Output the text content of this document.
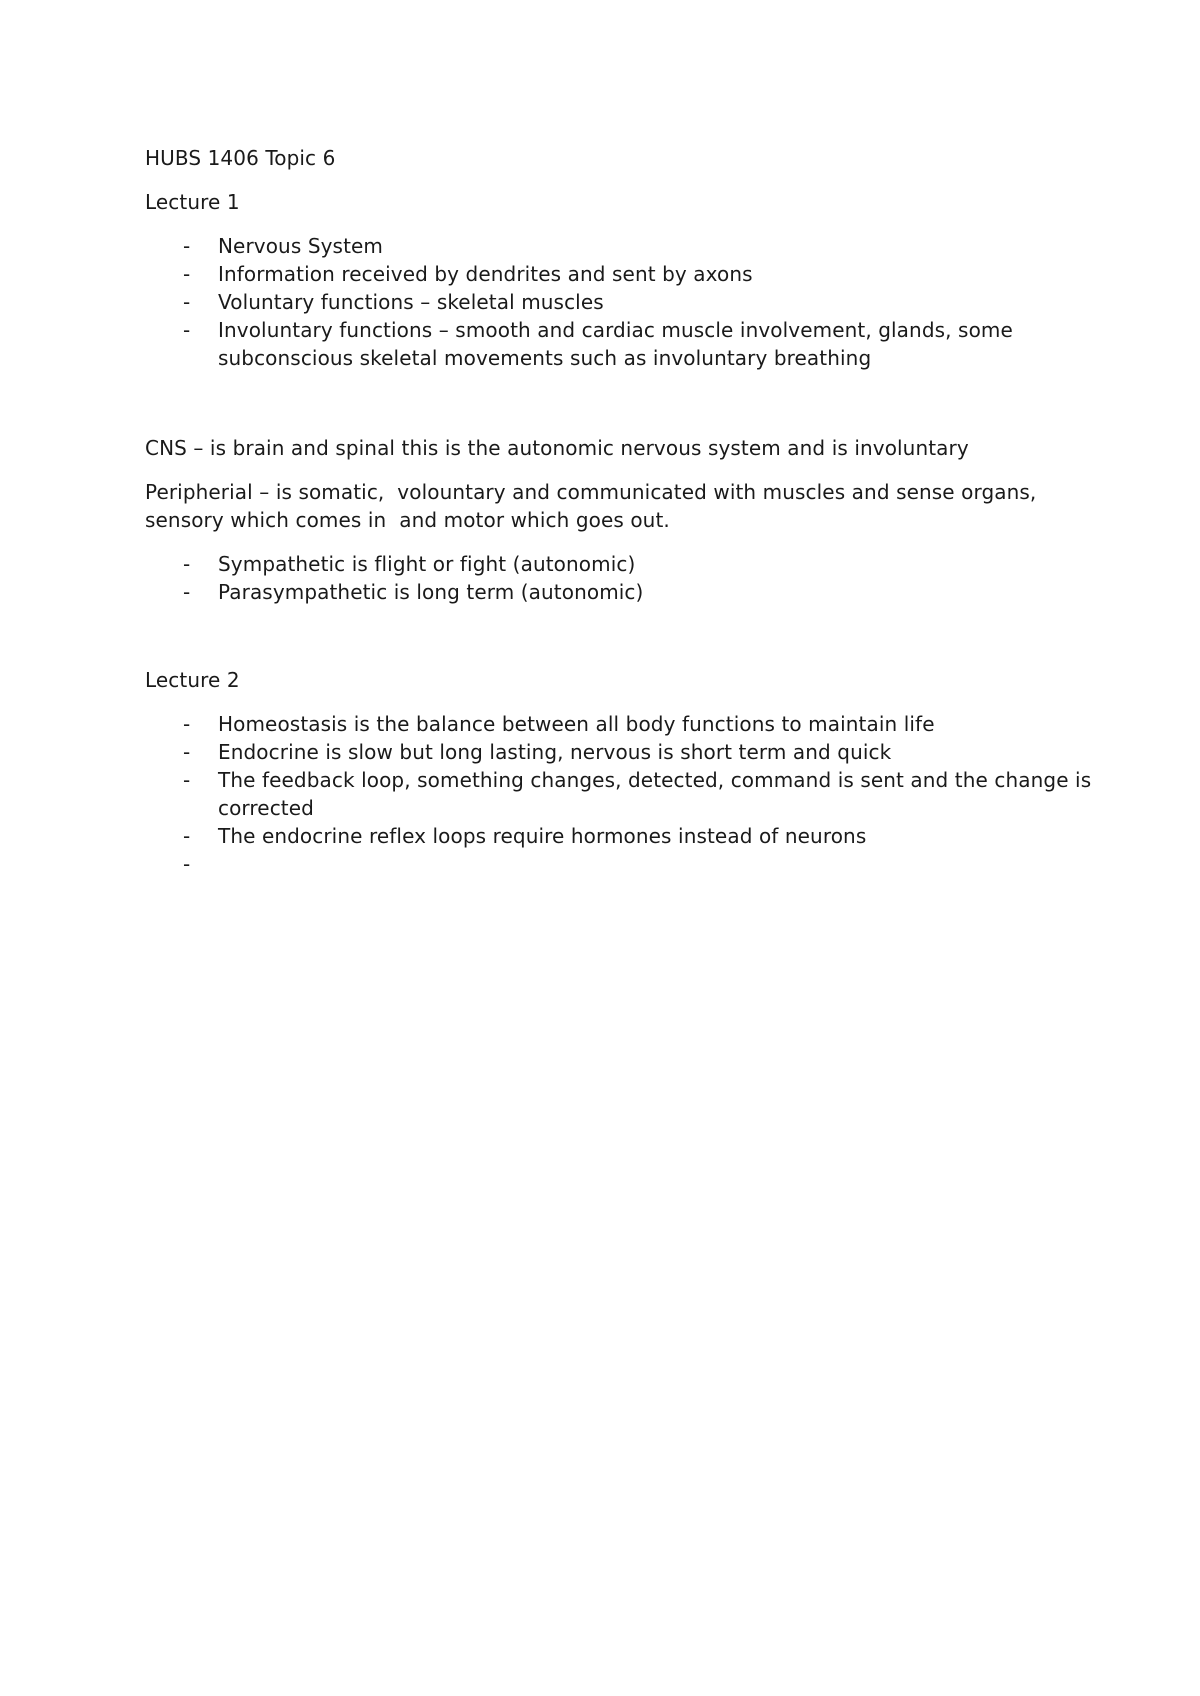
HUBS 1406 Topic 6
Lecture 1
- Nervous System
- Information received by dendrites and sent by axons
- Voluntary functions – skeletal muscles
- Involuntary functions – smooth and cardiac muscle involvement, glands, some subconscious skeletal movements such as involuntary breathing
CNS – is brain and spinal this is the autonomic nervous system and is involuntary
Peripherial – is somatic,  volountary and communicated with muscles and sense organs, sensory which comes in  and motor which goes out.
- Sympathetic is flight or fight (autonomic)
- Parasympathetic is long term (autonomic)
Lecture 2
- Homeostasis is the balance between all body functions to maintain life
- Endocrine is slow but long lasting, nervous is short term and quick
- The feedback loop, something changes, detected, command is sent and the change is corrected
- The endocrine reflex loops require hormones instead of neurons
-
